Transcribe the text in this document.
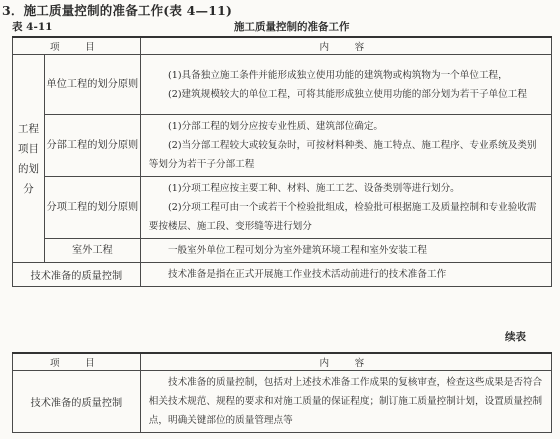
3．施工质量控制的准备工作(表 4—11)
表 4-11	施工质量控制的准备工作
项　目		内　容
工程项目的划分	单位工程的划分原则	(1)具备独立施工条件并能形成独立使用功能的建筑物或构筑物为一个单位工程，

(2)建筑规模较大的单位工程，可将其能形成独立使用功能的部分划为若干子单位工程

	分部工程的划分原则	(1)分部工程的划分应按专业性质、建筑部位确定。

(2)当分部工程较大或较复杂时，可按材料种类、施工特点、施工程序、专业系统及类别等划分为若干子分部工程

	分项工程的划分原则	(1)分项工程应按主要工种、材料、施工工艺、设备类别等进行划分。

(2)分项工程可由一个或若干个检验批组成，检验批可根据施工及质量控制和专业验收需要按楼层、施工段、变形缝等进行划分

	室外工程	一般室外单位工程可划分为室外建筑环境工程和室外安装工程

技术准备的质量控制		技术准备是指在正式开展施工作业技术活动前进行的技术准备工作

续表
项　目	内　容
技术准备的质量控制	技术准备的质量控制，包括对上述技术准备工作成果的复核审查，检查这些成果是否符合相关技术规范、规程的要求和对施工质量的保证程度；制订施工质量控制计划，设置质量控制点，明确关键部位的质量管理点等
